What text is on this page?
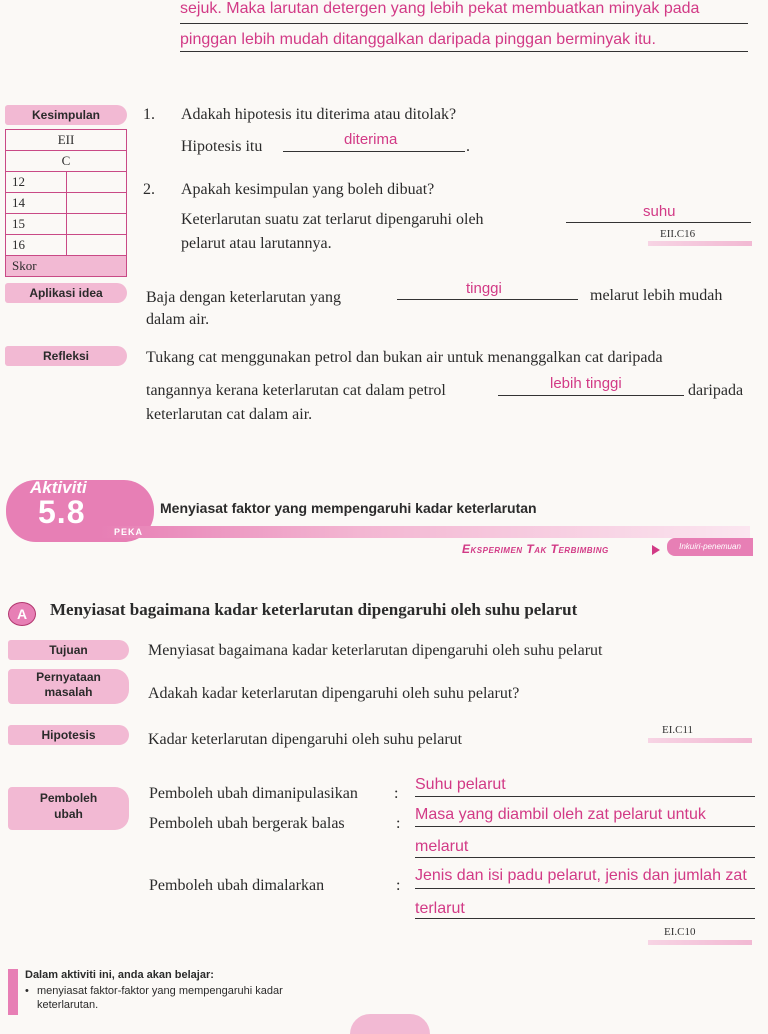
sejuk. Maka larutan detergen yang lebih pekat membuatkan minyak pada
pinggan lebih mudah ditanggalkan daripada pinggan berminyak itu.
Kesimpulan
EII	
C	
12	
14	
15	
16	
Skor	
1. Adakah hipotesis itu diterima atau ditolak?
Hipotesis itu	diterima	.
2. Apakah kesimpulan yang boleh dibuat?
Keterlarutan suatu zat terlarut dipengaruhi oleh	suhu
pelarut atau larutannya.
EII.C16
Aplikasi idea	Baja dengan keterlarutan yang
tinggi	melarut lebih mudah
dalam air.
Refleksi	Tukang cat menggunakan petrol dan bukan air untuk menanggalkan cat daripada
tangannya kerana keterlarutan cat dalam petrol	lebih tinggi	daripada
keterlarutan cat dalam air.
Aktiviti
5.8
PEKA
Menyiasat faktor yang mempengaruhi kadar keterlarutan
Eksperimen Tak Terbimbing	Inkuiri-penemuan
A	Menyiasat bagaimana kadar keterlarutan dipengaruhi oleh suhu pelarut
Tujuan	Menyiasat bagaimana kadar keterlarutan dipengaruhi oleh suhu pelarut
Pernyataan
masalah	Adakah kadar keterlarutan dipengaruhi oleh suhu pelarut?
Hipotesis	Kadar keterlarutan dipengaruhi oleh suhu pelarut
EI.C11
Pemboleh
ubah
Pemboleh ubah dimanipulasikan :
Suhu pelarut
Pemboleh ubah bergerak balas	:
Masa yang diambil oleh zat pelarut untuk
melarut
Pemboleh ubah dimalarkan	:
Jenis dan isi padu pelarut, jenis dan jumlah zat
terlarut
EI.C10
Dalam aktiviti ini, anda akan belajar:
• menyiasat faktor-faktor yang mempengaruhi kadar
keterlarutan.
